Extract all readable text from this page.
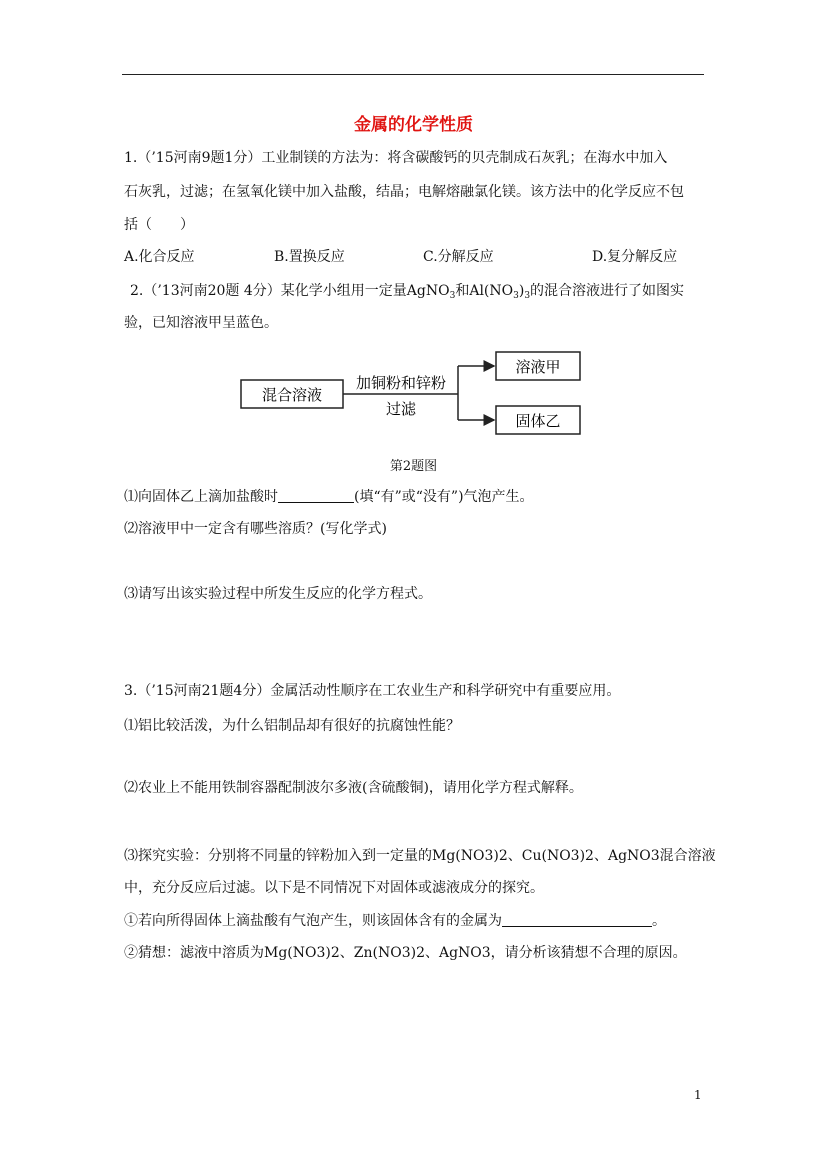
金属的化学性质
1.（’15河南9题1分）工业制镁的方法为：将含碳酸钙的贝壳制成石灰乳；在海水中加入
石灰乳，过滤；在氢氧化镁中加入盐酸，结晶；电解熔融氯化镁。该方法中的化学反应不包
括（　　）
A.化合反应	B.置换反应	C.分解反应	D.复分解反应
2.（’13河南20题 4分）某化学小组用一定量AgNO$_3$和$Al(NO_3)_3$的混合溶液进行了如图实
验，已知溶液甲呈蓝色。
混合溶液
加铜粉和锌粉
过滤
溶液甲
固体乙
第2题图
⑴向固体乙上滴加盐酸时	(填“有”或“没有”)气泡产生。
⑵溶液甲中一定含有哪些溶质？(写化学式)
⑶请写出该实验过程中所发生反应的化学方程式。
3.（’15河南21题4分）金属活动性顺序在工农业生产和科学研究中有重要应用。
⑴铝比较活泼，为什么铝制品却有很好的抗腐蚀性能？
⑵农业上不能用铁制容器配制波尔多液(含硫酸铜)，请用化学方程式解释。
⑶探究实验：分别将不同量的锌粉加入到一定量的Mg(NO3)2、Cu(NO3)2、AgNO3混合溶液
中，充分反应后过滤。以下是不同情况下对固体或滤液成分的探究。
①若向所得固体上滴盐酸有气泡产生，则该固体含有的金属为	。
②猜想：滤液中溶质为Mg(NO3)2、Zn(NO3)2、AgNO3，请分析该猜想不合理的原因。
1
